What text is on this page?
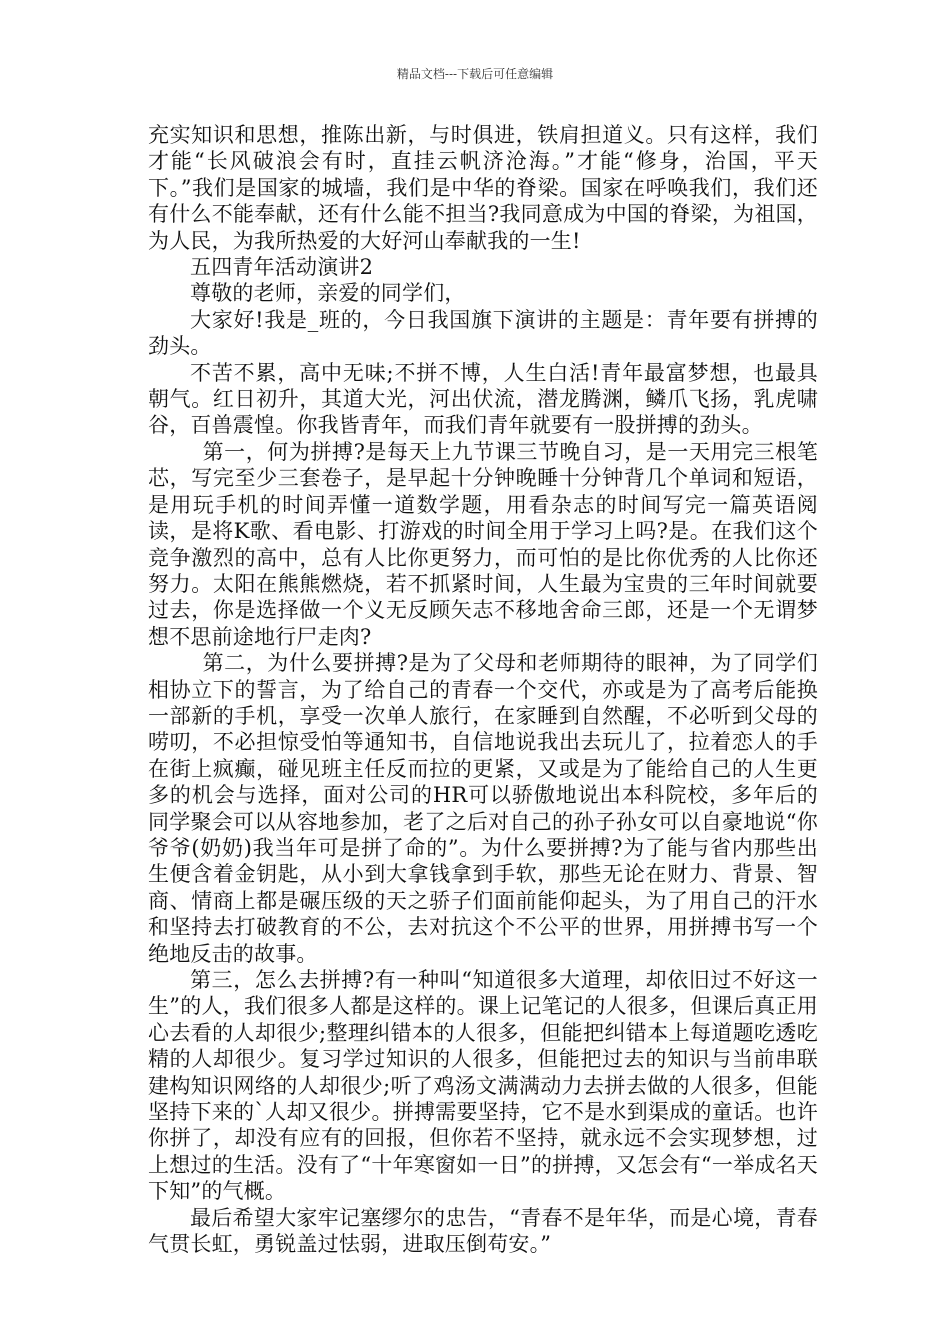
精品文档---下载后可任意编辑

充实知识和思想，推陈出新，与时俱进，铁肩担道义。只有这样，我们才能“长风破浪会有时，直挂云帆济沧海。”才能“修身，治国，平天下。”我们是国家的城墙，我们是中华的脊梁。国家在呼唤我们，我们还有什么不能奉献，还有什么能不担当?我同意成为中国的脊梁，为祖国，为人民，为我所热爱的大好河山奉献我的一生!

五四青年活动演讲2

尊敬的老师，亲爱的同学们，

大家好!我是_班的，今日我国旗下演讲的主题是：青年要有拼搏的劲头。

不苦不累，高中无味;不拼不博，人生白活!青年最富梦想，也最具朝气。红日初升，其道大光，河出伏流，潜龙腾渊，鳞爪飞扬，乳虎啸谷，百兽震惶。你我皆青年，而我们青年就要有一股拼搏的劲头。

第一，何为拼搏?是每天上九节课三节晚自习，是一天用完三根笔芯，写完至少三套卷子，是早起十分钟晚睡十分钟背几个单词和短语，是用玩手机的时间弄懂一道数学题，用看杂志的时间写完一篇英语阅读，是将K歌、看电影、打游戏的时间全用于学习上吗?是。在我们这个竞争激烈的高中，总有人比你更努力，而可怕的是比你优秀的人比你还努力。太阳在熊熊燃烧，若不抓紧时间，人生最为宝贵的三年时间就要过去，你是选择做一个义无反顾矢志不移地舍命三郎，还是一个无谓梦想不思前途地行尸走肉?

第二，为什么要拼搏?是为了父母和老师期待的眼神，为了同学们相协立下的誓言，为了给自己的青春一个交代，亦或是为了高考后能换一部新的手机，享受一次单人旅行，在家睡到自然醒，不必听到父母的唠叨，不必担惊受怕等通知书，自信地说我出去玩儿了，拉着恋人的手在街上疯癫，碰见班主任反而拉的更紧，又或是为了能给自己的人生更多的机会与选择，面对公司的HR可以骄傲地说出本科院校，多年后的同学聚会可以从容地参加，老了之后对自己的孙子孙女可以自豪地说“你爷爷(奶奶)我当年可是拼了命的”。为什么要拼搏?为了能与省内那些出生便含着金钥匙，从小到大拿钱拿到手软，那些无论在财力、背景、智商、情商上都是碾压级的天之骄子们面前能仰起头，为了用自己的汗水和坚持去打破教育的不公，去对抗这个不公平的世界，用拼搏书写一个绝地反击的故事。

第三，怎么去拼搏?有一种叫“知道很多大道理，却依旧过不好这一生”的人，我们很多人都是这样的。课上记笔记的人很多，但课后真正用心去看的人却很少;整理纠错本的人很多，但能把纠错本上每道题吃透吃精的人却很少。复习学过知识的人很多，但能把过去的知识与当前串联建构知识网络的人却很少;听了鸡汤文满满动力去拼去做的人很多，但能坚持下来的`人却又很少。拼搏需要坚持，它不是水到渠成的童话。也许你拼了，却没有应有的回报，但你若不坚持，就永远不会实现梦想，过上想过的生活。没有了“十年寒窗如一日”的拼搏，又怎会有“一举成名天下知”的气概。

最后希望大家牢记塞缪尔的忠告，“青春不是年华，而是心境，青春气贯长虹，勇锐盖过怯弱，进取压倒苟安。”
